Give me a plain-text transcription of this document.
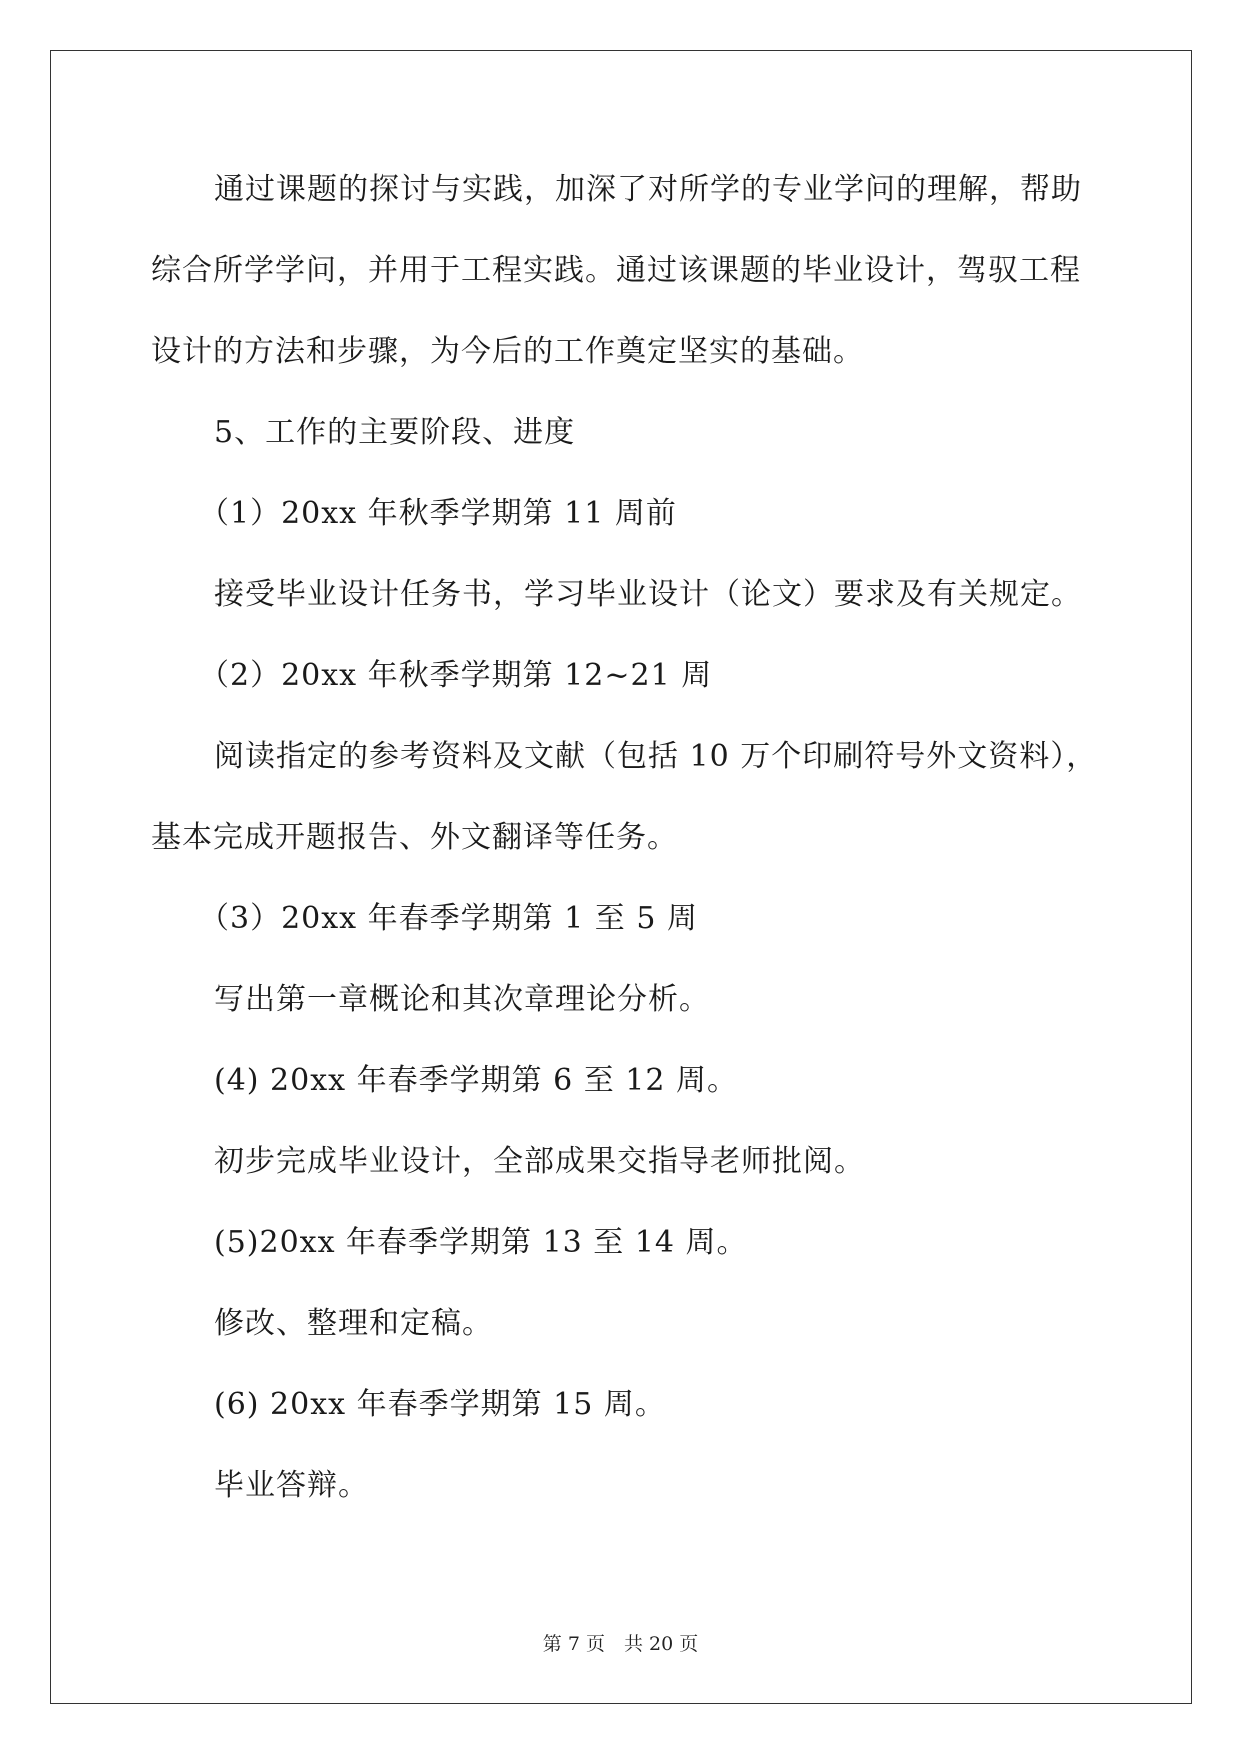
通过课题的探讨与实践，加深了对所学的专业学问的理解，帮助
综合所学学问，并用于工程实践。通过该课题的毕业设计，驾驭工程
设计的方法和步骤，为今后的工作奠定坚实的基础。
5、工作的主要阶段、进度
（1）20xx 年秋季学期第 11 周前
接受毕业设计任务书，学习毕业设计（论文）要求及有关规定。
（2）20xx 年秋季学期第 12~21 周
阅读指定的参考资料及文献（包括 10 万个印刷符号外文资料），
基本完成开题报告、外文翻译等任务。
（3）20xx 年春季学期第 1 至 5 周
写出第一章概论和其次章理论分析。
(4) 20xx 年春季学期第 6 至 12 周。
初步完成毕业设计，全部成果交指导老师批阅。
(5)20xx 年春季学期第 13 至 14 周。
修改、整理和定稿。
(6) 20xx 年春季学期第 15 周。
毕业答辩。
第 7 页　共 20 页
